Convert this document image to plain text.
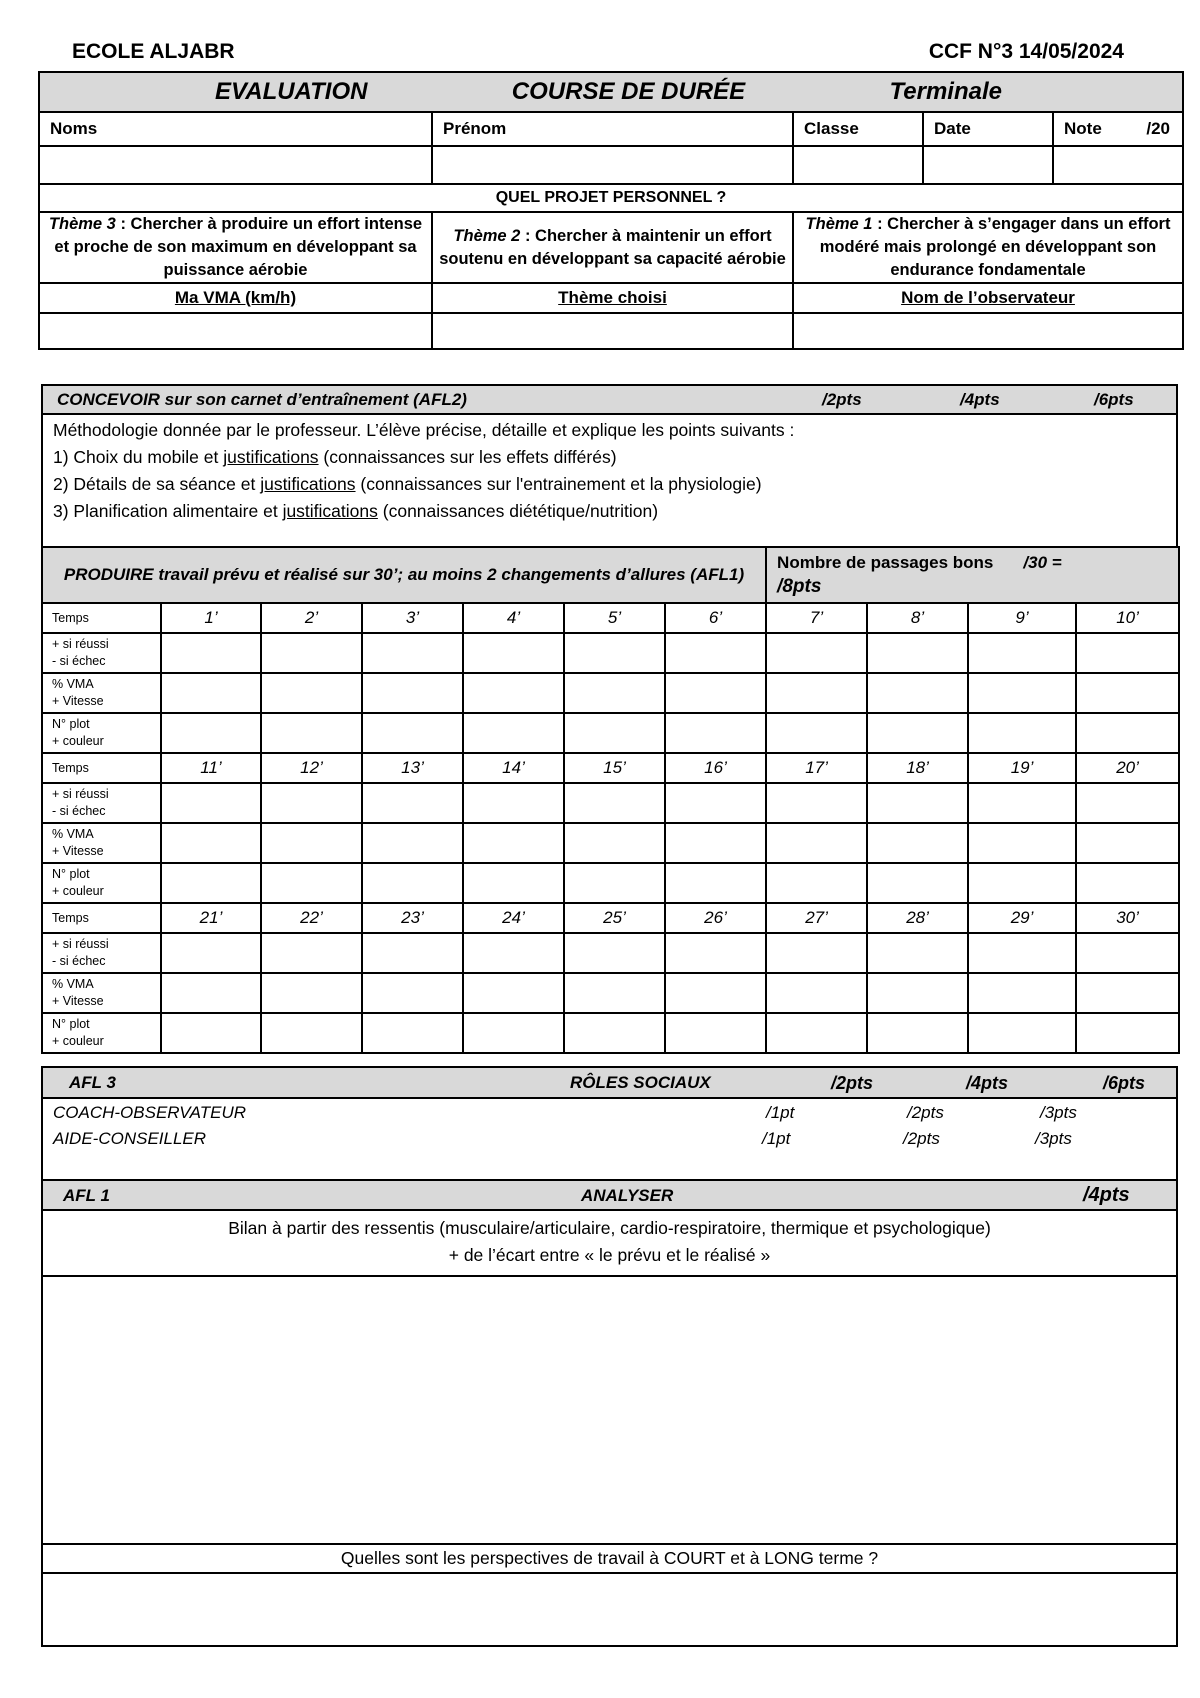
ECOLE ALJABR	CCF N°3 14/05/2024
EVALUATION COURSE DE DURÉE Terminale				

Noms	Prénom	Classe	Date	Note /20

QUEL PROJET PERSONNEL ?				
Thème 3 : Chercher à produire un effort intense et proche de son maximum en développant sa puissance aérobie	Thème 2 : Chercher à maintenir un effort soutenu en développant sa capacité aérobie	Thème 1 : Chercher à s’engager dans un effort modéré mais prolongé en développant son endurance fondamentale		
Ma VMA (km/h)	Thème choisi	Nom de l’observateur		

CONCEVOIR sur son carnet d’entraînement (AFL2)	/2pts	/4pts	/6pts

Méthodologie donnée par le professeur. L’élève précise, détaille et explique les points suivants :
1) Choix du mobile et justifications (connaissances sur les effets différés)
2) Détails de sa séance et justifications (connaissances sur l'entrainement et la physiologie)
3) Planification alimentaire et justifications (connaissances diététique/nutrition)
PRODUIRE travail prévu et réalisé sur 30’; au moins 2 changements d’allures (AFL1)							Nombre de passages bons /30 =
/8pts			

Temps	1’	2’	3’	4’	5’	6’	7’	8’	9’	10’

+ si réussi
- si échec										

% VMA
+ Vitesse										

N° plot
+ couleur										

Temps	11’	12’	13’	14’	15’	16’	17’	18’	19’	20’

+ si réussi
- si échec										

% VMA
+ Vitesse										

N° plot
+ couleur										

Temps	21’	22’	23’	24’	25’	26’	27’	28’	29’	30’

+ si réussi
- si échec										

% VMA
+ Vitesse										

N° plot
+ couleur										

AFL 3	RÔLES SOCIAUX	/2pts	/4pts	/6pts
COACH-OBSERVATEUR	/1pt	/2pts	/3pts
AIDE-CONSEILLER	/1pt	/2pts	/3pts
AFL 1	ANALYSER	/4pts
Bilan à partir des ressentis (musculaire/articulaire, cardio-respiratoire, thermique et psychologique)
+ de l’écart entre « le prévu et le réalisé »
Quelles sont les perspectives de travail à COURT et à LONG terme ?
